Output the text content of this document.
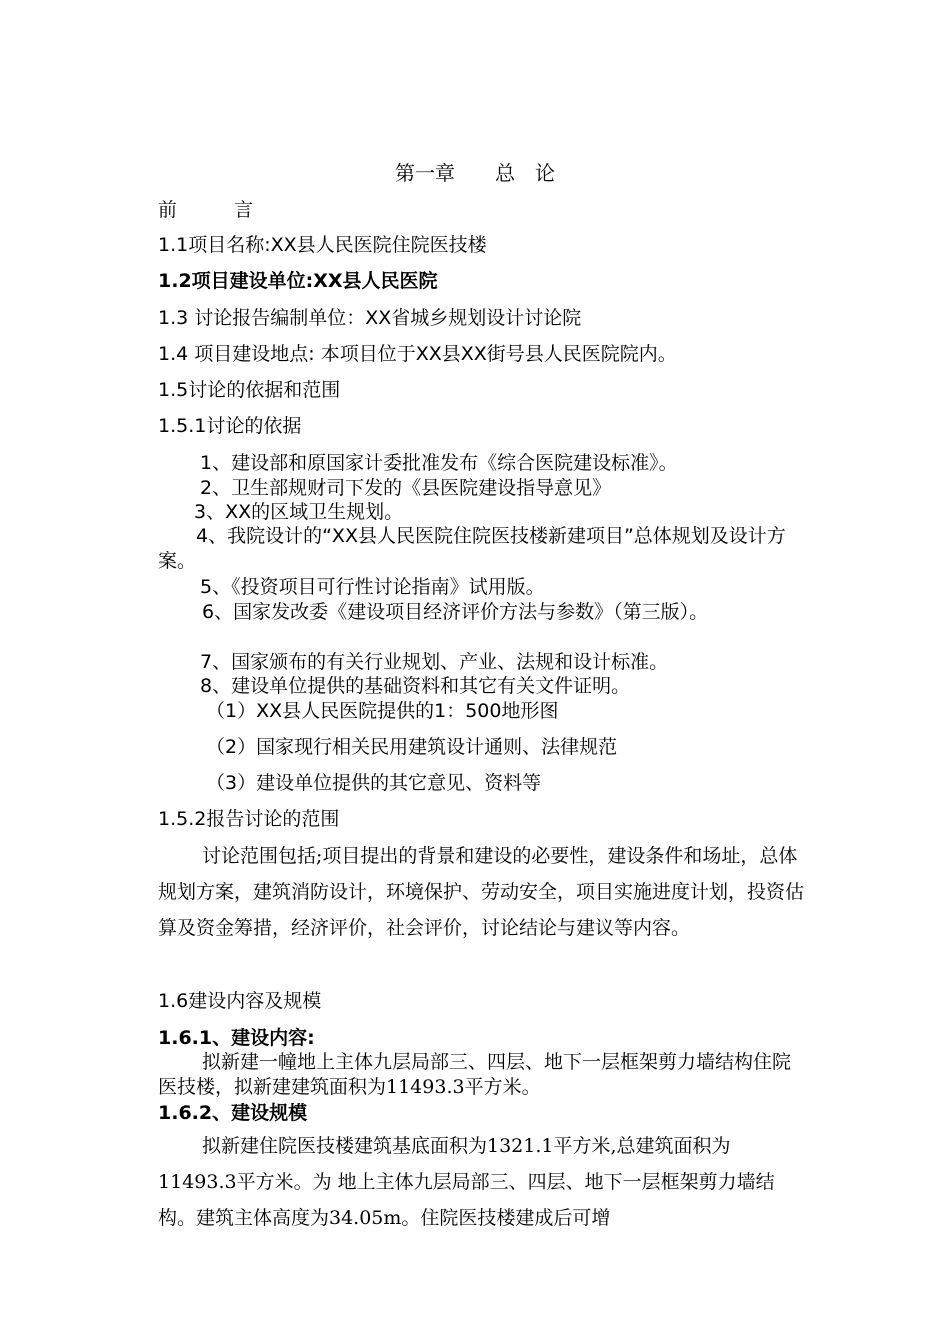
第一章　　总　论
前　　　言
1.1项目名称:XX县人民医院住院医技楼
1.2项目建设单位:XX县人民医院
1.3 讨论报告编制单位：XX省城乡规划设计讨论院
1.4 项目建设地点: 本项目位于XX县XX街号县人民医院院内。
1.5讨论的依据和范围
1.5.1讨论的依据
1、建设部和原国家计委批准发布《综合医院建设标准》。
2、卫生部规财司下发的《县医院建设指导意见》
3、XX的区域卫生规划。
4、我院设计的“XX县人民医院住院医技楼新建项目”总体规划及设计方案。
5、《投资项目可行性讨论指南》试用版。
6、国家发改委《建设项目经济评价方法与参数》（第三版）。
7、国家颁布的有关行业规划、产业、法规和设计标准。
8、建设单位提供的基础资料和其它有关文件证明。
（1）XX县人民医院提供的1：500地形图
（2）国家现行相关民用建筑设计通则、法律规范
（3）建设单位提供的其它意见、资料等
1.5.2报告讨论的范围
讨论范围包括;项目提出的背景和建设的必要性，建设条件和场址，总体规划方案，建筑消防设计，环境保护、劳动安全，项目实施进度计划，投资估算及资金筹措，经济评价，社会评价，讨论结论与建议等内容。
1.6建设内容及规模
1.6.1、建设内容:
拟新建一幢地上主体九层局部三、四层、地下一层框架剪力墙结构住院医技楼，拟新建建筑面积为11493.3平方米。
1.6.2、建设规模
拟新建住院医技楼建筑基底面积为1321.1平方米,总建筑面积为11493.3平方米。为 地上主体九层局部三、四层、地下一层框架剪力墙结构。建筑主体高度为34.05m。住院医技楼建成后可增
